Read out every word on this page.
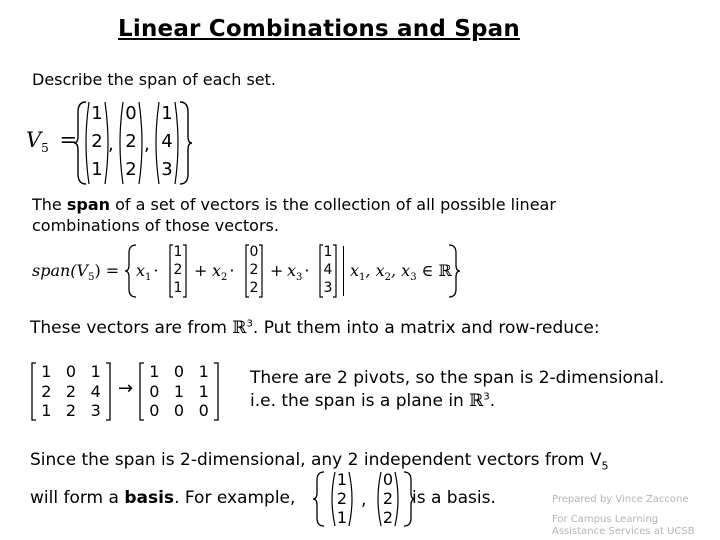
Linear Combinations and Span
Describe the span of each set.
$V_5$ =
1
2
1
,
0
2
2
,
1
4
3
The span of a set of vectors is the collection of all possible linear
combinations of those vectors.
$span(V_5) = x_1$ ·
1
2
1
+ $x_2$ ·
0
2
2
+ $x_3$ ·
1
4
3
$x_1$, $x_2$, $x_3$ ∈ ℝ
These vectors are from ℝ$^3$. Put them into a matrix and row-reduce:
1 0 1
2 2 4
1 2 3
→
1 0 1
0 1 1
0 0 0
There are 2 pivots, so the span is 2-dimensional.
i.e. the span is a plane in ℝ$^3$.
Since the span is 2-dimensional, any 2 independent vectors from $V_5$
will form a basis. For example,
1
2
1
,
0
2
2
is a basis.	Prepared by Vince Zaccone
For Campus Learning
Assistance Services at UCSB
